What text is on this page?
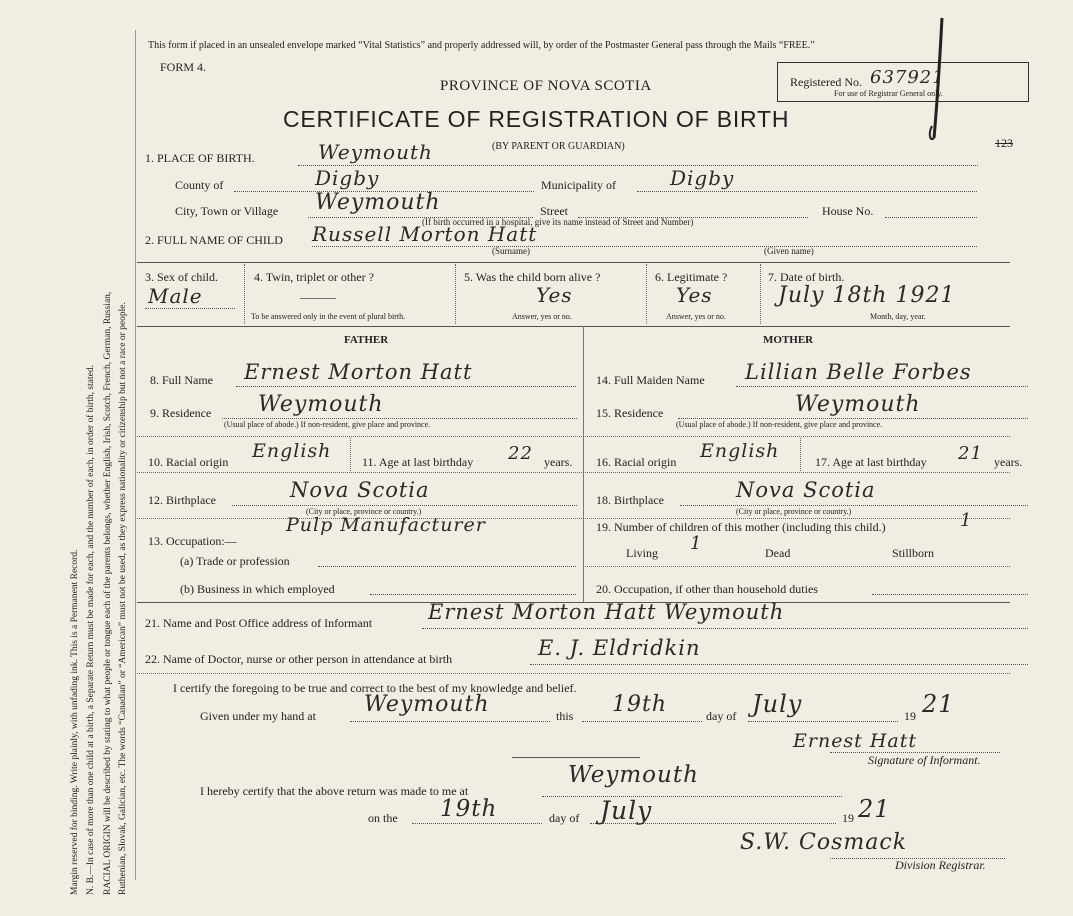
Margin reserved for binding. Write plainly, with unfading ink. This is a Permanent Record. N. B.—In case of more than one child at a birth, a Separate Return must be made for each, and the number of each, in order of birth, stated. RACIAL ORIGIN will be described by stating to what people or tongue each of the parents belongs, whether English, Irish, Scotch, French, German, Russian, Ruthenian, Slovak, Galician, etc. The words “Canadian” or “American” must not be used, as they express nationality or citizenship but not a race or people.
This form if placed in an unsealed envelope marked “Vital Statistics” and properly addressed will, by order of the Postmaster General pass through the Mails “FREE.”
FORM 4.
PROVINCE OF NOVA SCOTIA
CERTIFICATE OF REGISTRATION OF BIRTH
(BY PARENT OR GUARDIAN)
Registered No. 637921
For use of Registrar General only.
123
1. PLACE OF BIRTH.	Weymouth
County of	Digby	Municipality of	Digby
City, Town or Village Weymouth	Street	House No.
(If birth occurred in a hospital, give its name instead of Street and Number)
2. FULL NAME OF CHILD Russell Morton Hatt
(Surname)	(Given name)
3. Sex of child.
Male
4. Twin, triplet or other ?
———
To be answered only in the event of plural birth.
5. Was the child born alive ?
Yes
Answer, yes or no.
6. Legitimate ?
Yes
Answer, yes or no.
7. Date of birth.
July 18th 1921
Month, day, year.
FATHER	MOTHER
8. Full Name Ernest Morton Hatt
9. Residence Weymouth
(Usual place of abode.) If non-resident, give place and province.
10. Racial origin English	11. Age at last birthday 22 years.
12. Birthplace	Nova Scotia
(City or place, province or country.)
13. Occupation:—
Pulp Manufacturer
(a) Trade or profession
(b) Business in which employed
14. Full Maiden Name Lillian Belle Forbes
15. Residence	Weymouth
(Usual place of abode.) If non-resident, give place and province.
16. Racial origin English	17. Age at last birthday 21 years.
18. Birthplace	Nova Scotia
(City or place, province or country.)
19. Number of children of this mother (including this child.)	1
Living 1	Dead	Stillborn
20. Occupation, if other than household duties
21. Name and Post Office address of Informant	Ernest Morton Hatt Weymouth
22. Name of Doctor, nurse or other person in attendance at birth	E. J. Eldridkin
I certify the foregoing to be true and correct to the best of my knowledge and belief.
Given under my hand at Weymouth	this 19th	day of July	19 21
Ernest Hatt
Signature of Informant.
I hereby certify that the above return was made to me at
Weymouth
on the 19th	day of July	19 21
S.W. Cosmack
Division Registrar.
